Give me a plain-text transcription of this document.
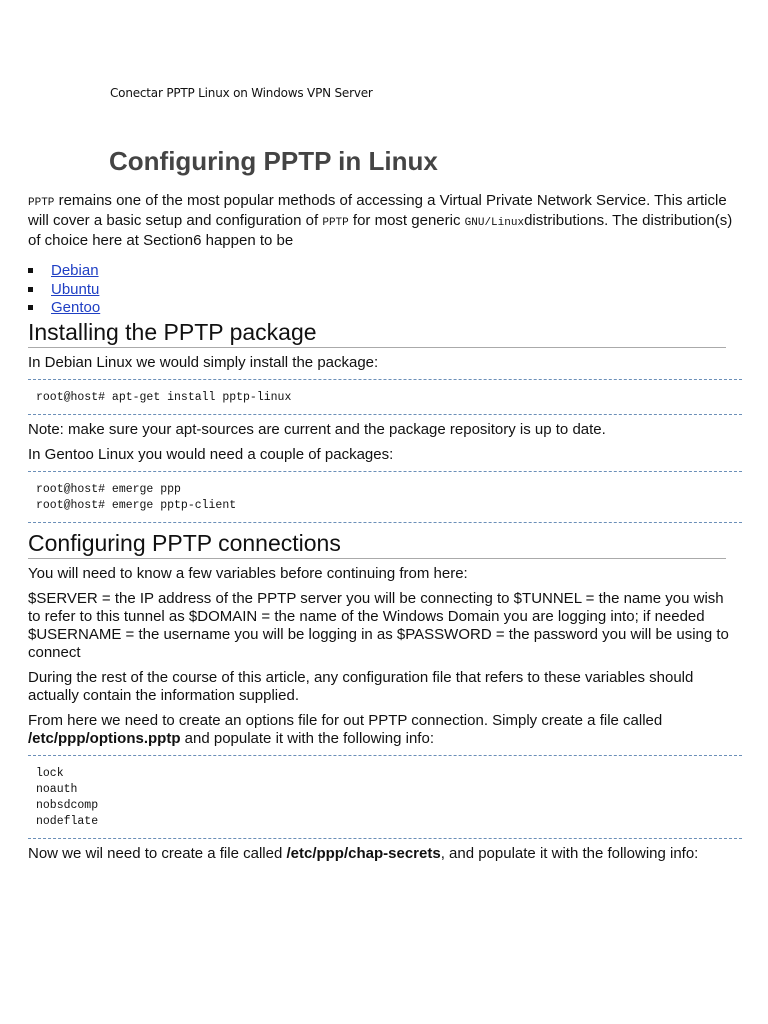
Conectar PPTP Linux on Windows VPN Server
Configuring PPTP in Linux

PPTP remains one of the most popular methods of accessing a Virtual Private Network Service. This article will cover a basic setup and configuration of PPTP for most generic GNU/Linuxdistributions. The distribution(s) of choice here at Section6 happen to be

Debian
Ubuntu
Gentoo
Installing the PPTP package

In Debian Linux we would simply install the package:

root@host# apt-get install pptp-linux

Note: make sure your apt-sources are current and the package repository is up to date.

In Gentoo Linux you would need a couple of packages:

root@host# emerge ppp
root@host# emerge pptp-client
Configuring PPTP connections

You will need to know a few variables before continuing from here:

$SERVER = the IP address of the PPTP server you will be connecting to $TUNNEL = the name you wish to refer to this tunnel as $DOMAIN = the name of the Windows Domain you are logging into; if needed $USERNAME = the username you will be logging in as $PASSWORD = the password you will be using to connect

During the rest of the course of this article, any configuration file that refers to these variables should actually contain the information supplied.

From here we need to create an options file for out PPTP connection. Simply create a file called /etc/ppp/options.pptp and populate it with the following info:

lock
noauth
nobsdcomp
nodeflate

Now we wil need to create a file called /etc/ppp/chap-secrets, and populate it with the following info:
